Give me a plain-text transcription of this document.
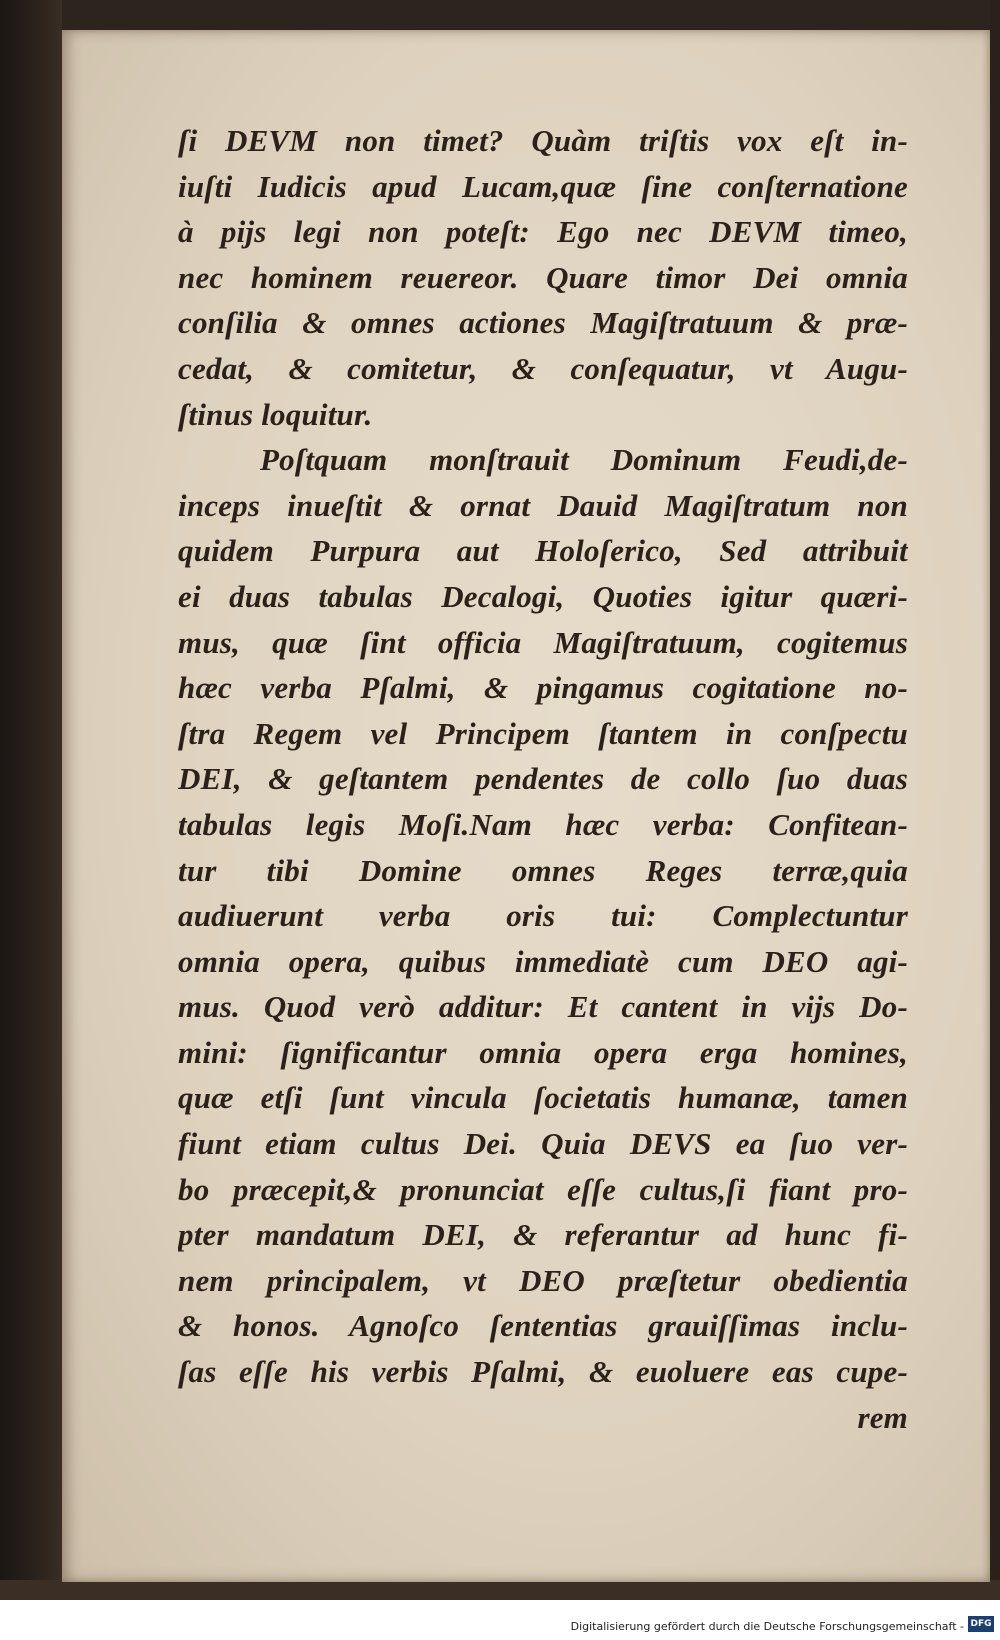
ſi DEVM non timet? Quàm triſtis vox eſt in-
iuſti Iudicis apud Lucam,quæ ſine conſternatione
à pijs legi non poteſt: Ego nec DEVM timeo,
nec hominem reuereor. Quare timor Dei omnia
conſilia & omnes actiones Magiſtratuum & præ-
cedat, & comitetur, & conſequatur, vt Augu-
ſtinus loquitur.
Poſtquam monſtrauit Dominum Feudi,de-
inceps inueſtit & ornat Dauid Magiſtratum non
quidem Purpura aut Holoſerico, Sed attribuit
ei duas tabulas Decalogi, Quoties igitur quæri-
mus, quæ ſint officia Magiſtratuum, cogitemus
hæc verba Pſalmi, & pingamus cogitatione no-
ſtra Regem vel Principem ſtantem in conſpectu
DEI, & geſtantem pendentes de collo ſuo duas
tabulas legis Moſi.Nam hæc verba: Confitean-
tur tibi Domine omnes Reges terræ,quia
audiuerunt verba oris tui: Complectuntur
omnia opera, quibus immediatè cum DEO agi-
mus. Quod verò additur: Et cantent in vijs Do-
mini: ſignificantur omnia opera erga homines,
quæ etſi ſunt vincula ſocietatis humanæ, tamen
fiunt etiam cultus Dei. Quia DEVS ea ſuo ver-
bo præcepit,& pronunciat eſſe cultus,ſi fiant pro-
pter mandatum DEI, & referantur ad hunc fi-
nem principalem, vt DEO præſtetur obedientia
& honos. Agnoſco ſententias grauiſſimas inclu-
ſas eſſe his verbis Pſalmi, & euoluere eas cupe-
rem
Digitalisierung gefördert durch die Deutsche Forschungsgemeinschaft - DFG
